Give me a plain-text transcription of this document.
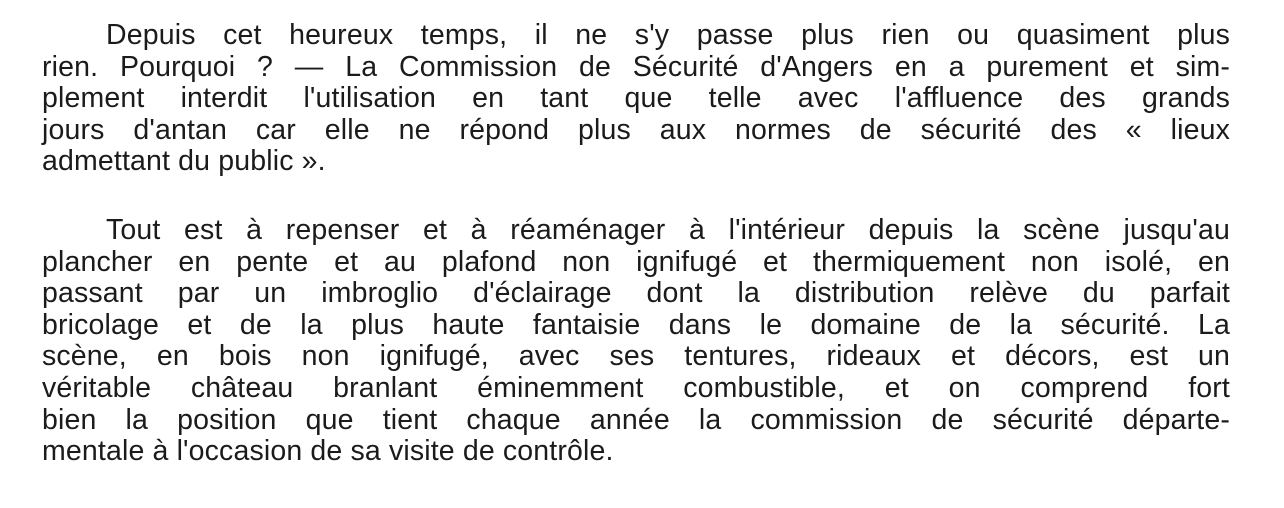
Depuis cet heureux temps, il ne s'y passe plus rien ou quasiment plus
rien. Pourquoi ? — La Commission de Sécurité d'Angers en a purement et sim-
plement interdit l'utilisation en tant que telle avec l'affluence des grands
jours d'antan car elle ne répond plus aux normes de sécurité des « lieux
admettant du public ».
Tout est à repenser et à réaménager à l'intérieur depuis la scène jusqu'au
plancher en pente et au plafond non ignifugé et thermiquement non isolé, en
passant par un imbroglio d'éclairage dont la distribution relève du parfait
bricolage et de la plus haute fantaisie dans le domaine de la sécurité. La
scène, en bois non ignifugé, avec ses tentures, rideaux et décors, est un
véritable château branlant éminemment combustible, et on comprend fort
bien la position que tient chaque année la commission de sécurité départe-
mentale à l'occasion de sa visite de contrôle.
